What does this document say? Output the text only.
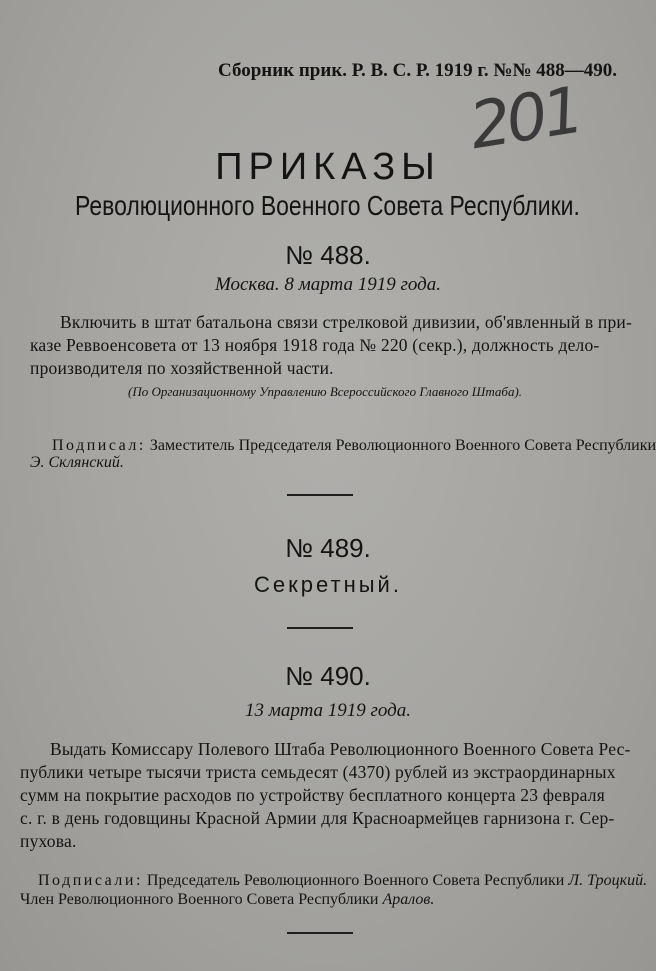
Сборник прик. Р. В. С. Р. 1919 г. №№ 488—490.
201
ПРИКАЗЫ
Революционного Военного Совета Республики.
№ 488.
Москва. 8 марта 1919 года.
Включить в штат батальона связи стрелковой дивизии, об'явленный в при-
казе Реввоенсовета от 13 ноября 1918 года № 220 (секр.), должность дело-
производителя по хозяйственной части.
(По Организационному Управлению Всероссийского Главного Штаба).
Подписал: Заместитель Председателя Революционного Военного Совета Республики
Э. Склянский.
№ 489.
Секретный.
№ 490.
13 марта 1919 года.
Выдать Комиссару Полевого Штаба Революционного Военного Совета Рес-
публики четыре тысячи триста семьдесят (4370) рублей из экстраординарных
сумм на покрытие расходов по устройству бесплатного концерта 23 февраля
с. г. в день годовщины Красной Армии для Красноармейцев гарнизона г. Сер-
пухова.
Подписали: Председатель Революционного Военного Совета Республики Л. Троцкий.
Член Революционного Военного Совета Республики Аралов.
